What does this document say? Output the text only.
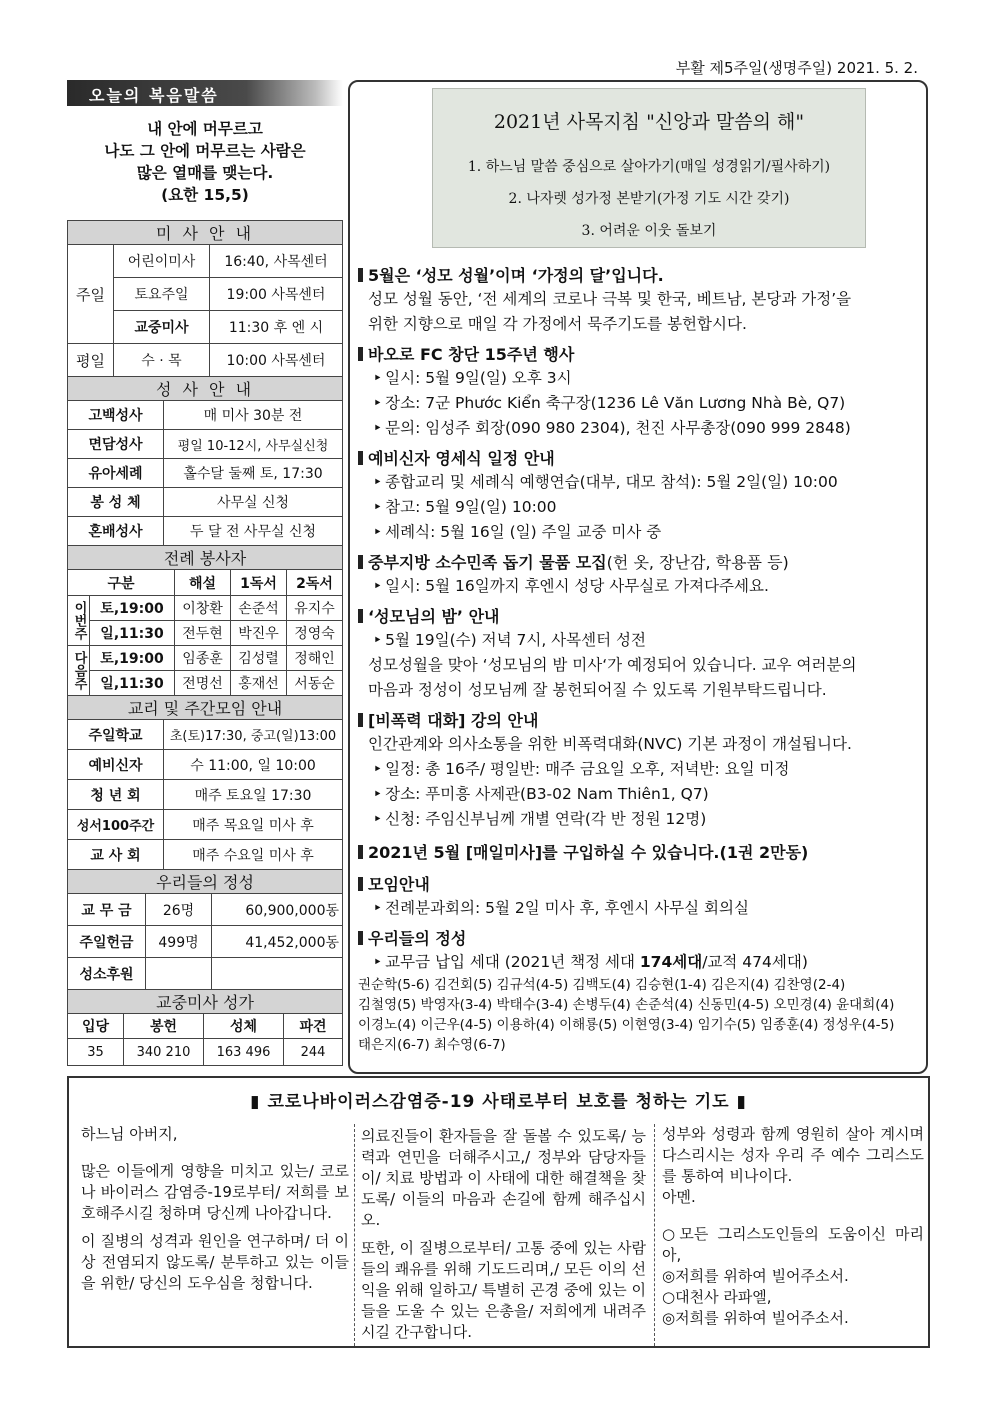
부활 제5주일(생명주일) 2021. 5. 2.
오늘의 복음말씀
내 안에 머무르고
나도 그 안에 머무르는 사람은
많은 열매를 맺는다.
(요한 15,5)
미 사 안 내		
주일	어린이미사	16:40, 사목센터
	토요주일	19:00 사목센터
	교중미사	11:30 후 엔 시
평일	수 · 목	10:00 사목센터
성 사 안 내	
고백성사	매 미사 30분 전
면담성사	평일 10-12시, 사무실신청
유아세례	홀수달 둘째 토, 17:30
봉 성 체	사무실 신청
혼배성사	두 달 전 사무실 신청
전례 봉사자				
구분		해설	1독서	2독서
이번주	토,19:00	이창환	손준석	유지수
	일,11:30	전두현	박진우	정영숙
다음주	토,19:00	임종훈	김성렬	정해인
	일,11:30	전명선	홍재선	서동순
교리 및 주간모임 안내	
주일학교	초(토)17:30, 중고(일)13:00
예비신자	수 11:00, 일 10:00
청 년 회	매주 토요일 17:30
성서100주간	매주 목요일 미사 후
교 사 회	매주 수요일 미사 후
우리들의 정성		
교 무 금	26명	60,900,000동
주일헌금	499명	41,452,000동
성소후원		
교중미사 성가			
입당	봉헌	성체	파견
35	340 210	163 496	244
2021년 사목지침 "신앙과 말씀의 해"
1. 하느님 말씀 중심으로 살아가기(매일 성경읽기/필사하기)
2. 나자렛 성가정 본받기(가정 기도 시간 갖기)
3. 어려운 이웃 돌보기
5월은 ‘성모 성월’이며 ‘가정의 달’입니다.
성모 성월 동안, ‘전 세계의 코로나 극복 및 한국, 베트남, 본당과 가정’을
위한 지향으로 매일 각 가정에서 묵주기도를 봉헌합시다.
바오로 FC 창단 15주년 행사
‣ 일시: 5월 9일(일) 오후 3시
‣ 장소: 7군 Phước Kiển 축구장(1236 Lê Văn Lương Nhà Bè, Q7)
‣ 문의: 임성주 회장(090 980 2304), 천진 사무총장(090 999 2848)
예비신자 영세식 일정 안내
‣ 종합교리 및 세례식 예행연습(대부, 대모 참석): 5월 2일(일) 10:00
‣ 참고: 5월 9일(일) 10:00
‣ 세례식: 5월 16일 (일) 주일 교중 미사 중
중부지방 소수민족 돕기 물품 모집(헌 옷, 장난감, 학용품 등)
‣ 일시: 5월 16일까지 후엔시 성당 사무실로 가져다주세요.
‘성모님의 밤’ 안내
‣ 5월 19일(수) 저녁 7시, 사목센터 성전
성모성월을 맞아 ‘성모님의 밤 미사‘가 예정되어 있습니다. 교우 여러분의
마음과 정성이 성모님께 잘 봉헌되어질 수 있도록 기원부탁드립니다.
[비폭력 대화] 강의 안내
인간관계와 의사소통을 위한 비폭력대화(NVC) 기본 과정이 개설됩니다.
‣ 일정: 총 16주/ 평일반: 매주 금요일 오후, 저녁반: 요일 미정
‣ 장소: 푸미흥 사제관(B3-02 Nam Thiên1, Q7)
‣ 신청: 주임신부님께 개별 연락(각 반 정원 12명)
2021년 5월 [매일미사]를 구입하실 수 있습니다.(1권 2만동)
모임안내
‣ 전례분과회의: 5월 2일 미사 후, 후엔시 사무실 회의실
우리들의 정성
‣ 교무금 납입 세대 (2021년 책정 세대 174세대/교적 474세대)
권순학(5-6) 김건회(5) 김규석(4-5) 김백도(4) 김승현(1-4) 김은지(4) 김찬영(2-4)
김철영(5) 박영자(3-4) 박태수(3-4) 손병두(4) 손준석(4) 신동민(4-5) 오민경(4) 윤대희(4)
이경노(4) 이근우(4-5) 이용하(4) 이해룡(5) 이현영(3-4) 임기수(5) 임종훈(4) 정성우(4-5)
태은지(6-7) 최수영(6-7)
▮ 코로나바이러스감염증-19 사태로부터 보호를 청하는 기도 ▮

하느님 아버지,

많은 이들에게 영향을 미치고 있는/ 코로나 바이러스 감염증-19로부터/ 저희를 보호해주시길 청하며 당신께 나아갑니다.

이 질병의 성격과 원인을 연구하며/ 더 이상 전염되지 않도록/ 분투하고 있는 이들을 위한/ 당신의 도우심을 청합니다.

의료진들이 환자들을 잘 돌볼 수 있도록/ 능력과 연민을 더해주시고,/ 정부와 담당자들이/ 치료 방법과 이 사태에 대한 해결책을 찾도록/ 이들의 마음과 손길에 함께 해주십시오.

또한, 이 질병으로부터/ 고통 중에 있는 사람들의 쾌유를 위해 기도드리며,/ 모든 이의 선익을 위해 일하고/ 특별히 곤경 중에 있는 이들을 도울 수 있는 은총을/ 저희에게 내려주시길 간구합니다.

성부와 성령과 함께 영원히 살아 계시며 다스리시는 성자 우리 주 예수 그리스도를 통하여 비나이다.

아멘.

○모든 그리스도인들의 도움이신 마리아,
◎저희를 위하여 빌어주소서.
○대천사 라파엘,
◎저희를 위하여 빌어주소서.
